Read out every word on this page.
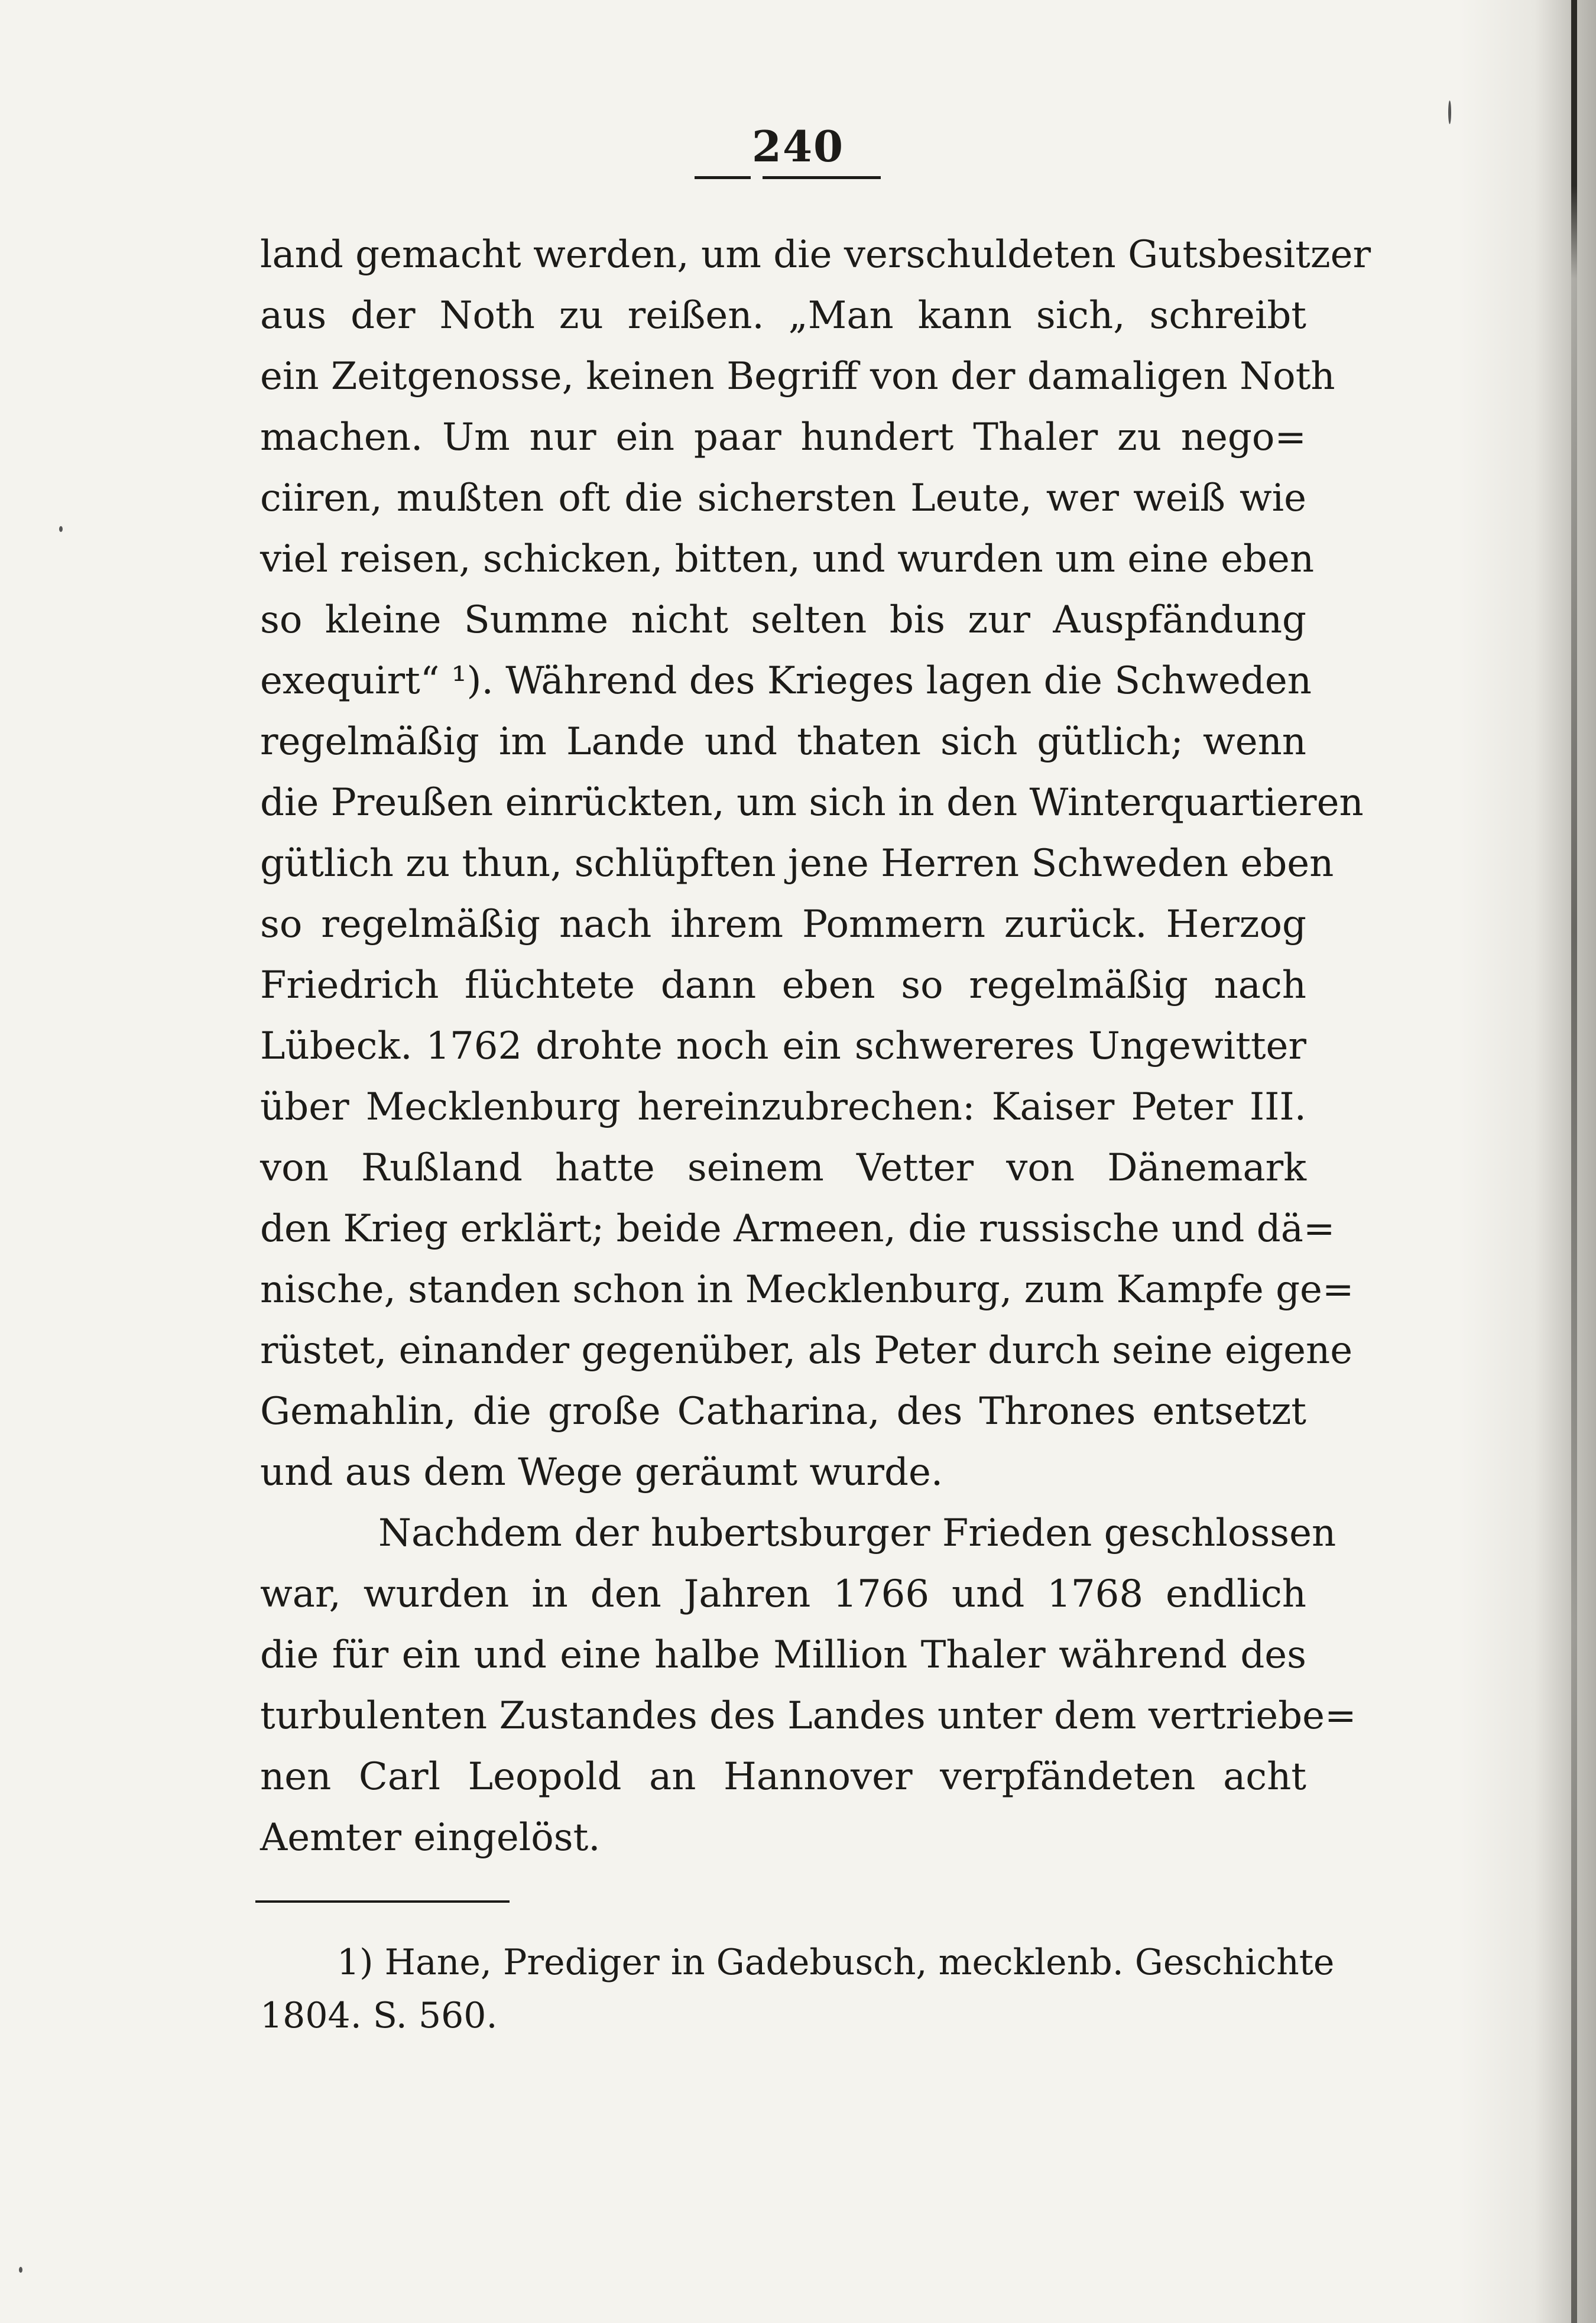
240
land gemacht werden, um die verschuldeten Gutsbesitzer
aus der Noth zu reißen. „Man kann sich, schreibt
ein Zeitgenosse, keinen Begriff von der damaligen Noth
machen. Um nur ein paar hundert Thaler zu nego=
ciiren, mußten oft die sichersten Leute, wer weiß wie
viel reisen, schicken, bitten, und wurden um eine eben
so kleine Summe nicht selten bis zur Auspfändung
exequirt“ ¹). Während des Krieges lagen die Schweden
regelmäßig im Lande und thaten sich gütlich; wenn
die Preußen einrückten, um sich in den Winterquartieren
gütlich zu thun, schlüpften jene Herren Schweden eben
so regelmäßig nach ihrem Pommern zurück. Herzog
Friedrich flüchtete dann eben so regelmäßig nach
Lübeck. 1762 drohte noch ein schwereres Ungewitter
über Mecklenburg hereinzubrechen: Kaiser Peter III.
von Rußland hatte seinem Vetter von Dänemark
den Krieg erklärt; beide Armeen, die russische und dä=
nische, standen schon in Mecklenburg, zum Kampfe ge=
rüstet, einander gegenüber, als Peter durch seine eigene
Gemahlin, die große Catharina, des Thrones entsetzt
und aus dem Wege geräumt wurde.
Nachdem der hubertsburger Frieden geschlossen
war, wurden in den Jahren 1766 und 1768 endlich
die für ein und eine halbe Million Thaler während des
turbulenten Zustandes des Landes unter dem vertriebe=
nen Carl Leopold an Hannover verpfändeten acht
Aemter eingelöst.
1) Hane, Prediger in Gadebusch, mecklenb. Geschichte
1804. S. 560.
